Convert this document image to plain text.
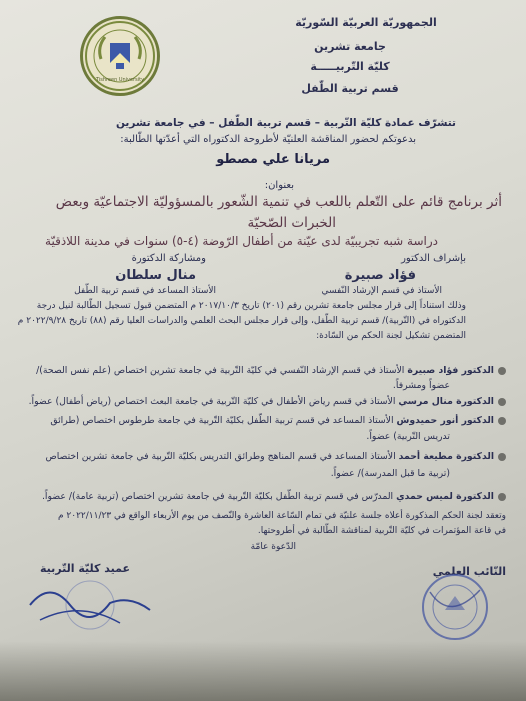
الجمهوريّة العربيّة السّوريّة
جامعة تشرين
كليّة التّربيـــــة
قسم تربية الطّفل
Tishreen University
تتشرّف عمادة كليّة التّربية – قسم تربية الطّفل – في جامعة تشرين
بدعوتكم لحضور المناقشة العلنيّة لأطروحة الدكتوراه التي أعدّتها الطّالبة:
مريانا علي مصطو
بعنوان:
أثر برنامج قائم على التّعلم باللعب في تنمية الشّعور بالمسؤوليّة الاجتماعيّة وبعض
الخبرات الصّحيّة
دراسة شبه تجريبيّة لدى عيّنة من أطفال الرّوضة (٤-٥) سنوات في مدينة اللاذقيّة
بإشراف الدكتور
ومشاركة الدكتورة
فؤاد صبيرة
الأستاذ في قسم الإرشاد النّفسي
منال سلطان
الأستاذ المساعد في قسم تربية الطّفل
وذلك استناداً إلى قرار مجلس جامعة تشرين رقم (٢٠١) تاريخ ٢٠١٧/١٠/٣ م المتضمن قبول تسجيل الطّالبة لنيل درجة
الدكتوراه في (التّربية)/ قسم تربية الطّفل، وإلى قرار مجلس البحث العلمي والدراسات العليا رقم (٨٨) تاريخ ٢٠٢٢/٩/٢٨ م
المتضمن تشكيل لجنة الحكم من السّادة:
الدكتور فؤاد صبيرة الأستاذ في قسم الإرشاد النّفسي في كليّة التّربية في جامعة تشرين اختصاص (علم نفس الصحة)/
عضواً ومشرفاً.
الدكتورة منال مرسي الأستاذ في قسم رياض الأطفال في كليّة التّربية في جامعة البعث اختصاص (رياض أطفال) عضواً.
الدكتور أنور حميدوش الأستاذ المساعد في قسم تربية الطّفل بكليّة التّربية في جامعة طرطوس اختصاص (طرائق
تدريس التّربية) عضواً.
الدكتورة مطيعة أحمد الأستاذ المساعد في قسم المناهج وطرائق التدريس بكليّة التّربية في جامعة تشرين اختصاص
(تربية ما قبل المدرسة)/ عضواً.
الدكتورة لميس حمدي المدرّس في قسم تربية الطّفل بكليّة التّربية في جامعة تشرين اختصاص (تربية عامة)/ عضواً.
وتعقد لجنة الحكم المذكورة أعلاه جلسة علنيّة في تمام السّاعة العاشرة والنّصف من يوم الأربعاء الواقع في ٢٠٢٢/١١/٢٣ م
في قاعة المؤتمرات في كليّة التّربية لمناقشة الطّالبة في أطروحتها.
الدّعوة عامّة
النّائب العلمي
عميد كليّة التّربية
